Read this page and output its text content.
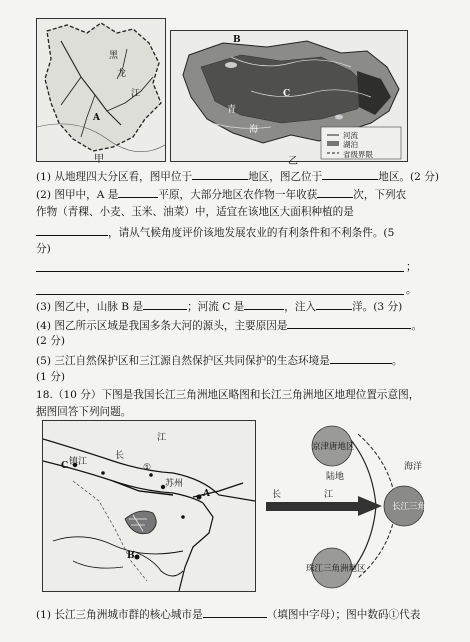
黑
龙
江
A
甲
B
C
青
海
河流
湖泊
省级界限
乙
(1) 从地理四大分区看，图甲位于	地区，图乙位于	地区。(2 分)
(2) 图甲中，A 是	平原，大部分地区农作物一年收获	次，下列农
作物（青稞、小麦、玉米、油菜）中，适宜在该地区大面积种植的是
，请从气候角度评价该地发展农业的有利条件和不利条件。(5
分)
；
。
(3) 图乙中，山脉 B 是	；河流 C 是	，注入	洋。(3 分)
(4) 图乙所示区域是我国多条大河的源头，主要原因是	。
(2 分)
(5) 三江自然保护区和三江源自然保护区共同保护的生态环境是	。
(1 分)
18.（10 分）下图是我国长江三角洲地区略图和长江三角洲地区地理位置示意图，
据图回答下列问题。
江
长
镇江
苏州
A
B
C	①
京津唐地区
陆地
海洋
长	江
长江三角
珠江三角洲地区
(1) 长江三角洲城市群的核心城市是	（填图中字母）；图中数码①代表
